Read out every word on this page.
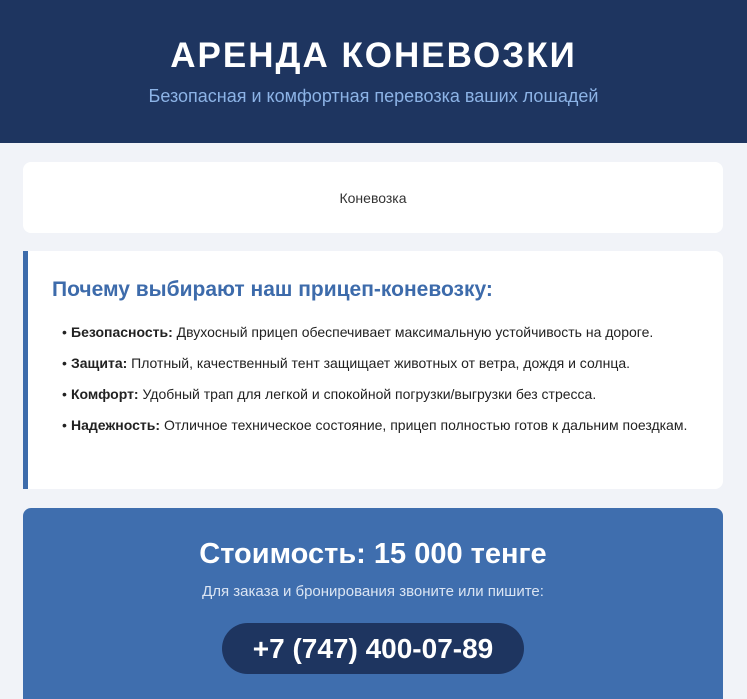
АРЕНДА КОНЕВОЗКИ
Безопасная и комфортная перевозка ваших лошадей
Коневозка
Почему выбирают наш прицеп-коневозку:
• Безопасность: Двухосный прицеп обеспечивает максимальную устойчивость на дороге.
• Защита: Плотный, качественный тент защищает животных от ветра, дождя и солнца.
• Комфорт: Удобный трап для легкой и спокойной погрузки/выгрузки без стресса.
• Надежность: Отличное техническое состояние, прицеп полностью готов к дальним поездкам.
Стоимость: 15 000 тенге
Для заказа и бронирования звоните или пишите:
+7 (747) 400-07-89
